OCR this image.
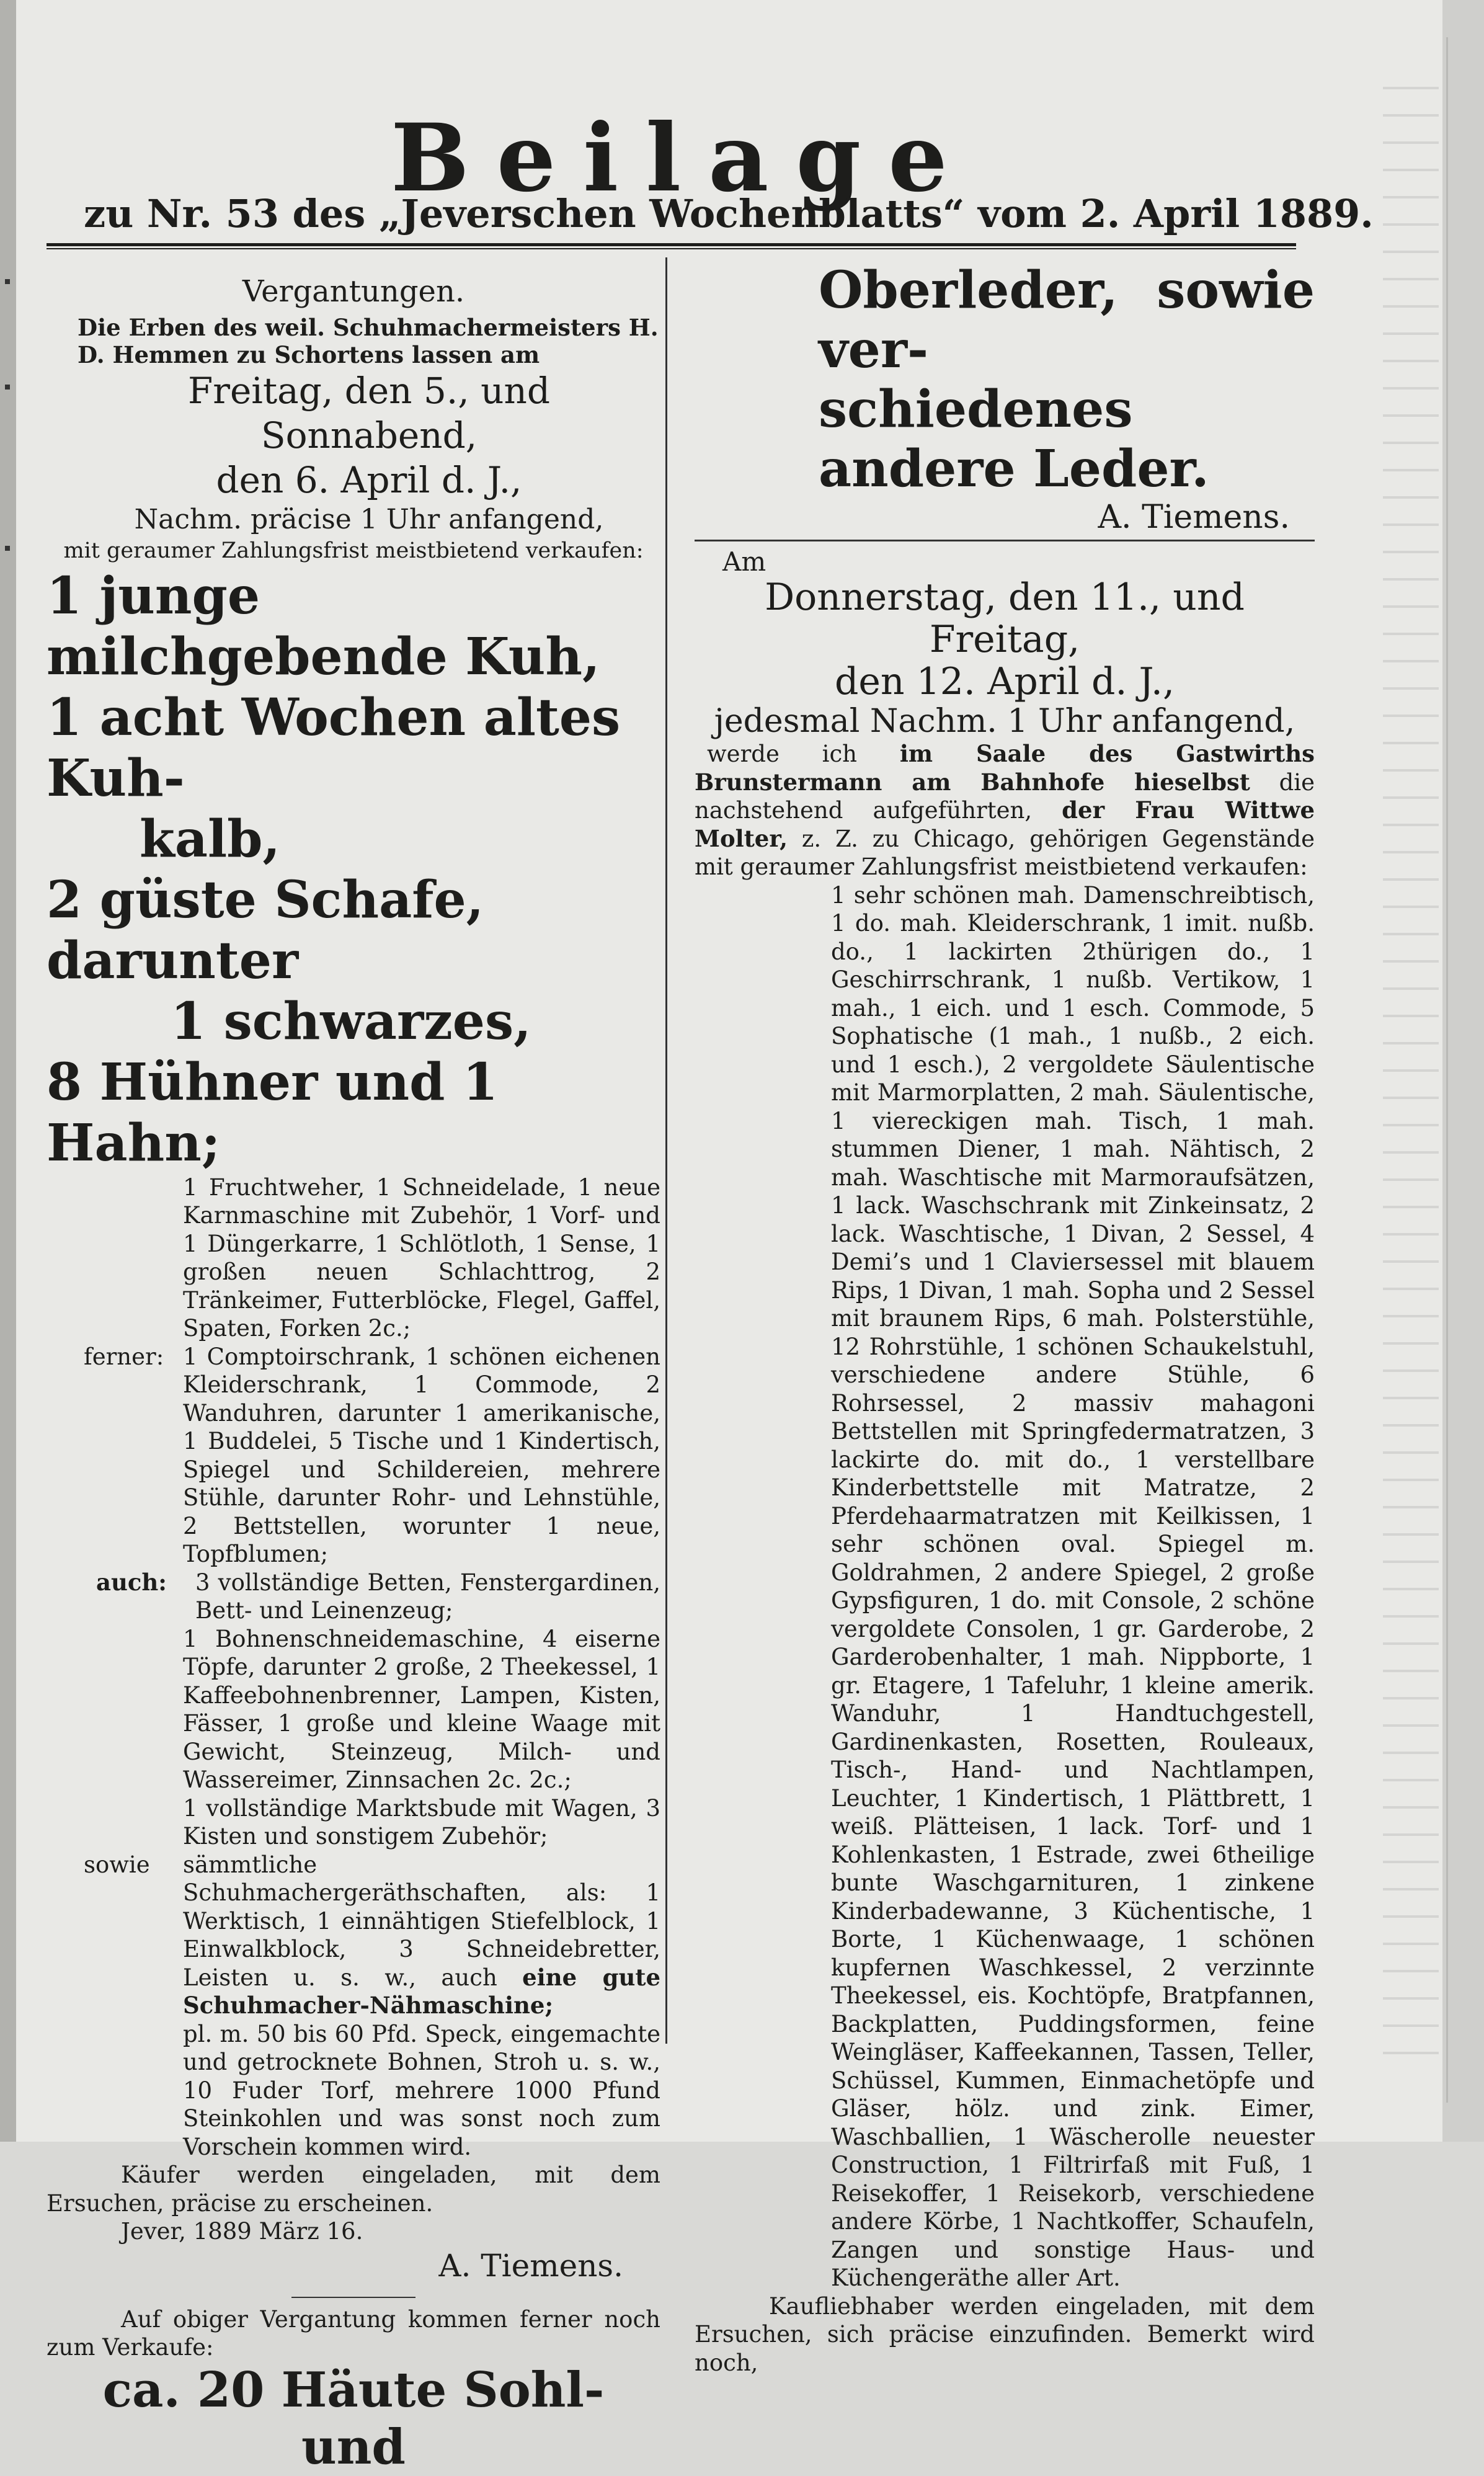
Beilage
zu Nr. 53 des „Jeverschen Wochenblatts“ vom 2. April 1889.
Vergantungen.
Die Erben des weil. Schuhmachermeisters H. D. Hemmen zu Schortens lassen am
Freitag, den 5., und Sonnabend,
den 6. April d. J.,
Nachm. präcise 1 Uhr anfangend,
mit geraumer Zahlungsfrist meistbietend verkaufen:
1 junge milchgebende Kuh,
1 acht Wochen altes Kuh-
kalb,
2 güste Schafe, darunter
1 schwarzes,
8 Hühner und 1 Hahn;
1 Fruchtweher, 1 Schneidelade, 1 neue Karnmaschine mit Zubehör, 1 Vorf- und 1 Düngerkarre, 1 Schlötloth, 1 Sense, 1 großen neuen Schlachttrog, 2 Tränkeimer, Futterblöcke, Flegel, Gaffel, Spaten, Forken 2c.;
ferner: 1 Comptoirschrank, 1 schönen eichenen Kleiderschrank, 1 Commode, 2 Wanduhren, darunter 1 amerikanische, 1 Buddelei, 5 Tische und 1 Kindertisch, Spiegel und Schildereien, mehrere Stühle, darunter Rohr- und Lehnstühle, 2 Bettstellen, worunter 1 neue, Topfblumen;
auch:	3 vollständige Betten, Fenstergardinen, Bett- und Leinenzeug;
1 Bohnenschneidemaschine, 4 eiserne Töpfe, darunter 2 große, 2 Theekessel, 1 Kaffeebohnenbrenner, Lampen, Kisten, Fässer, 1 große und kleine Waage mit Gewicht, Steinzeug, Milch- und Wassereimer, Zinnsachen 2c. 2c.;
1 vollständige Marktsbude mit Wagen, 3 Kisten und sonstigem Zubehör;
sowie	sämmtliche Schuhmachergeräthschaften, als: 1 Werktisch, 1 einnähtigen Stiefelblock, 1 Einwalkblock, 3 Schneidebretter, Leisten u. s. w., auch eine gute Schuhmacher-Nähmaschine;
pl. m. 50 bis 60 Pfd. Speck, eingemachte und getrocknete Bohnen, Stroh u. s. w., 10 Fuder Torf, mehrere 1000 Pfund Steinkohlen und was sonst noch zum Vorschein kommen wird.
Käufer werden eingeladen, mit dem Ersuchen, präcise zu erscheinen.
Jever, 1889 März 16.
A. Tiemens.
Auf obiger Vergantung kommen ferner noch zum Verkaufe:
ca. 20 Häute Sohl- und
Oberleder, sowie ver-
schiedenes andere Leder.
A. Tiemens.
Am
Donnerstag, den 11., und Freitag,
den 12. April d. J.,
jedesmal Nachm. 1 Uhr anfangend,
werde ich im Saale des Gastwirths Brunstermann am Bahnhofe hieselbst die nachstehend aufgeführten, der Frau Wittwe Molter, z. Z. zu Chicago, gehörigen Gegenstände mit geraumer Zahlungsfrist meistbietend verkaufen:
1 sehr schönen mah. Damenschreibtisch, 1 do. mah. Kleiderschrank, 1 imit. nußb. do., 1 lackirten 2thürigen do., 1 Geschirrschrank, 1 nußb. Vertikow, 1 mah., 1 eich. und 1 esch. Commode, 5 Sophatische (1 mah., 1 nußb., 2 eich. und 1 esch.), 2 vergoldete Säulentische mit Marmorplatten, 2 mah. Säulentische, 1 viereckigen mah. Tisch, 1 mah. stummen Diener, 1 mah. Nähtisch, 2 mah. Waschtische mit Marmoraufsätzen, 1 lack. Waschschrank mit Zinkeinsatz, 2 lack. Waschtische, 1 Divan, 2 Sessel, 4 Demi’s und 1 Claviersessel mit blauem Rips, 1 Divan, 1 mah. Sopha und 2 Sessel mit braunem Rips, 6 mah. Polsterstühle, 12 Rohrstühle, 1 schönen Schaukelstuhl, verschiedene andere Stühle, 6 Rohrsessel, 2 massiv mahagoni Bettstellen mit Springfedermatratzen, 3 lackirte do. mit do., 1 verstellbare Kinderbettstelle mit Matratze, 2 Pferdehaarmatratzen mit Keilkissen, 1 sehr schönen oval. Spiegel m. Goldrahmen, 2 andere Spiegel, 2 große Gypsfiguren, 1 do. mit Console, 2 schöne vergoldete Consolen, 1 gr. Garderobe, 2 Garderobenhalter, 1 mah. Nippborte, 1 gr. Etagere, 1 Tafeluhr, 1 kleine amerik. Wanduhr, 1 Handtuchgestell, Gardinenkasten, Rosetten, Rouleaux, Tisch-, Hand- und Nachtlampen, Leuchter, 1 Kindertisch, 1 Plättbrett, 1 weiß. Plätteisen, 1 lack. Torf- und 1 Kohlenkasten, 1 Estrade, zwei 6theilige bunte Waschgarnituren, 1 zinkene Kinderbadewanne, 3 Küchentische, 1 Borte, 1 Küchenwaage, 1 schönen kupfernen Waschkessel, 2 verzinnte Theekessel, eis. Kochtöpfe, Bratpfannen, Backplatten, Puddingsformen, feine Weingläser, Kaffeekannen, Tassen, Teller, Schüssel, Kummen, Einmachetöpfe und Gläser, hölz. und zink. Eimer, Waschballien, 1 Wäscherolle neuester Construction, 1 Filtrirfaß mit Fuß, 1 Reisekoffer, 1 Reisekorb, verschiedene andere Körbe, 1 Nachtkoffer, Schaufeln, Zangen und sonstige Haus- und Küchengeräthe aller Art.
Kaufliebhaber werden eingeladen, mit dem Ersuchen, sich präcise einzufinden. Bemerkt wird noch,
